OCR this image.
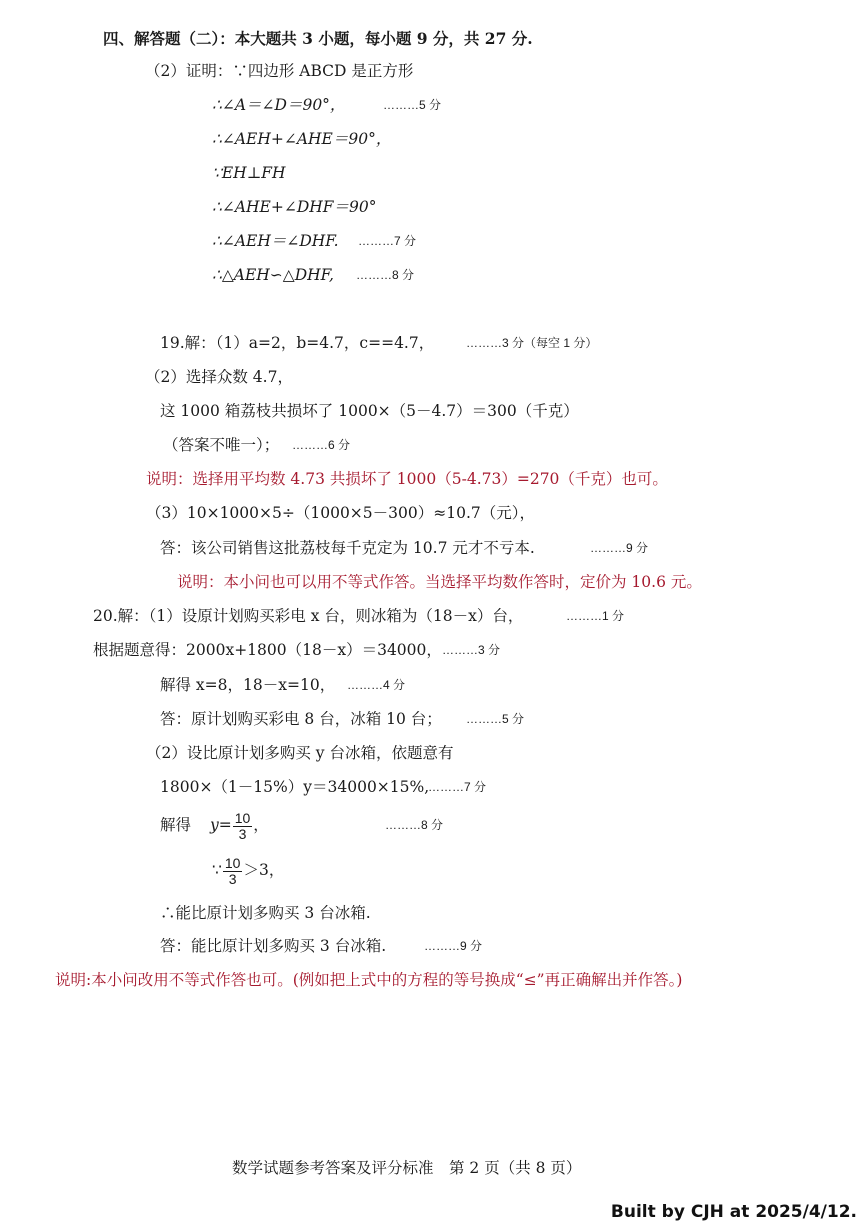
四、解答题（二）：本大题共 3 小题，每小题 9 分，共 27 分.
（2）证明：∵四边形 ABCD 是正方形
∴∠A＝∠D＝90°，	………5 分
∴∠AEH+∠AHE＝90°，
∵EH⊥FH
∴∠AHE+∠DHF＝90°
∴∠AEH＝∠DHF. ………7 分
∴△AEH∽△DHF, ………8 分
19.解：（1）a=2，b=4.7，c==4.7，	………3 分（每空 1 分）
（2）选择众数 4.7，
这 1000 箱荔枝共损坏了 1000×（5－4.7）＝300（千克）
（答案不唯一）； ………6 分
说明：选择用平均数 4.73 共损坏了 1000（5-4.73）=270（千克）也可。
（3）10×1000×5÷（1000×5－300）≈10.7（元），
答：该公司销售这批荔枝每千克定为 10.7 元才不亏本.	………9 分
说明：本小问也可以用不等式作答。当选择平均数作答时，定价为 10.6 元。
20.解：（1）设原计划购买彩电 x 台，则冰箱为（18－x）台，	………1 分
根据题意得：2000x+1800（18－x）＝34000， ………3 分
解得 x=8，18－x=10， ………4 分
答：原计划购买彩电 8 台，冰箱 10 台； ………5 分
（2）设比原计划多购买 y 台冰箱，依题意有
1800×（1－15%）y＝34000×15%,
………7 分
解得 $y= \frac{10}{3}$ ，	………8 分
∵ $\frac{10}{3} >3$，
∴能比原计划多购买 3 台冰箱.
答：能比原计划多购买 3 台冰箱.	………9 分
说明:本小问改用不等式作答也可。(例如把上式中的方程的等号换成“≤”再正确解出并作答。)
数学试题参考答案及评分标准　第 2 页（共 8 页）
Built by CJH at 2025/4/12.
